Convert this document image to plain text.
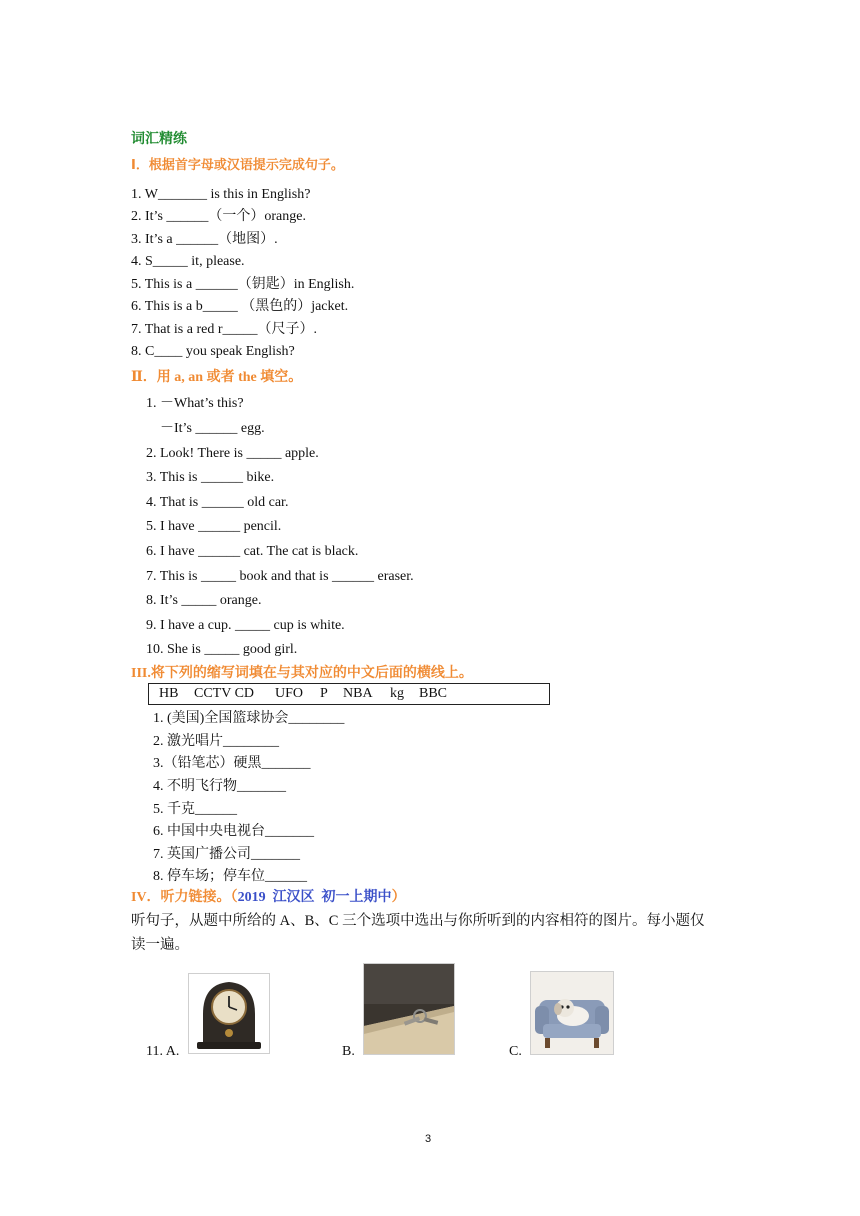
词汇精练
I．根据首字母或汉语提示完成句子。
1. W_______ is this in English?
2. It’s ______（一个）orange.
3. It’s a ______（地图）.
4. S_____ it, please.
5. This is a ______（钥匙）in English.
6. This is a b_____ （黑色的）jacket.
7. That is a red r_____（尺子）.
8. C____ you speak English?
Ⅱ．用 a, an 或者 the 填空。
1. －What’s this?
－It’s ______ egg.
2. Look! There is _____ apple.
3. This is ______ bike.
4. That is ______ old car.
5. I have ______ pencil.
6. I have ______ cat. The cat is black.
7. This is _____ book and that is ______ eraser.
8. It’s _____ orange.
9. I have a cup. _____ cup is white.
10. She is _____ good girl.
III.将下列的缩写词填在与其对应的中文后面的横线上。
HB CCTV CD UFO P NBA kg BBC
1. (美国)全国篮球协会________
2. 激光唱片________
3.（铅笔芯）硬黑_______
4. 不明飞行物_______
5. 千克______
6. 中国中央电视台_______
7. 英国广播公司_______
8. 停车场；停车位______
IV．听力链接。（2019  江汉区  初一上期中）
听句子，从题中所给的 A、B、C 三个选项中选出与你所听到的内容相符的图片。每小题仅
读一遍。
11. A.	B.	C.
3
